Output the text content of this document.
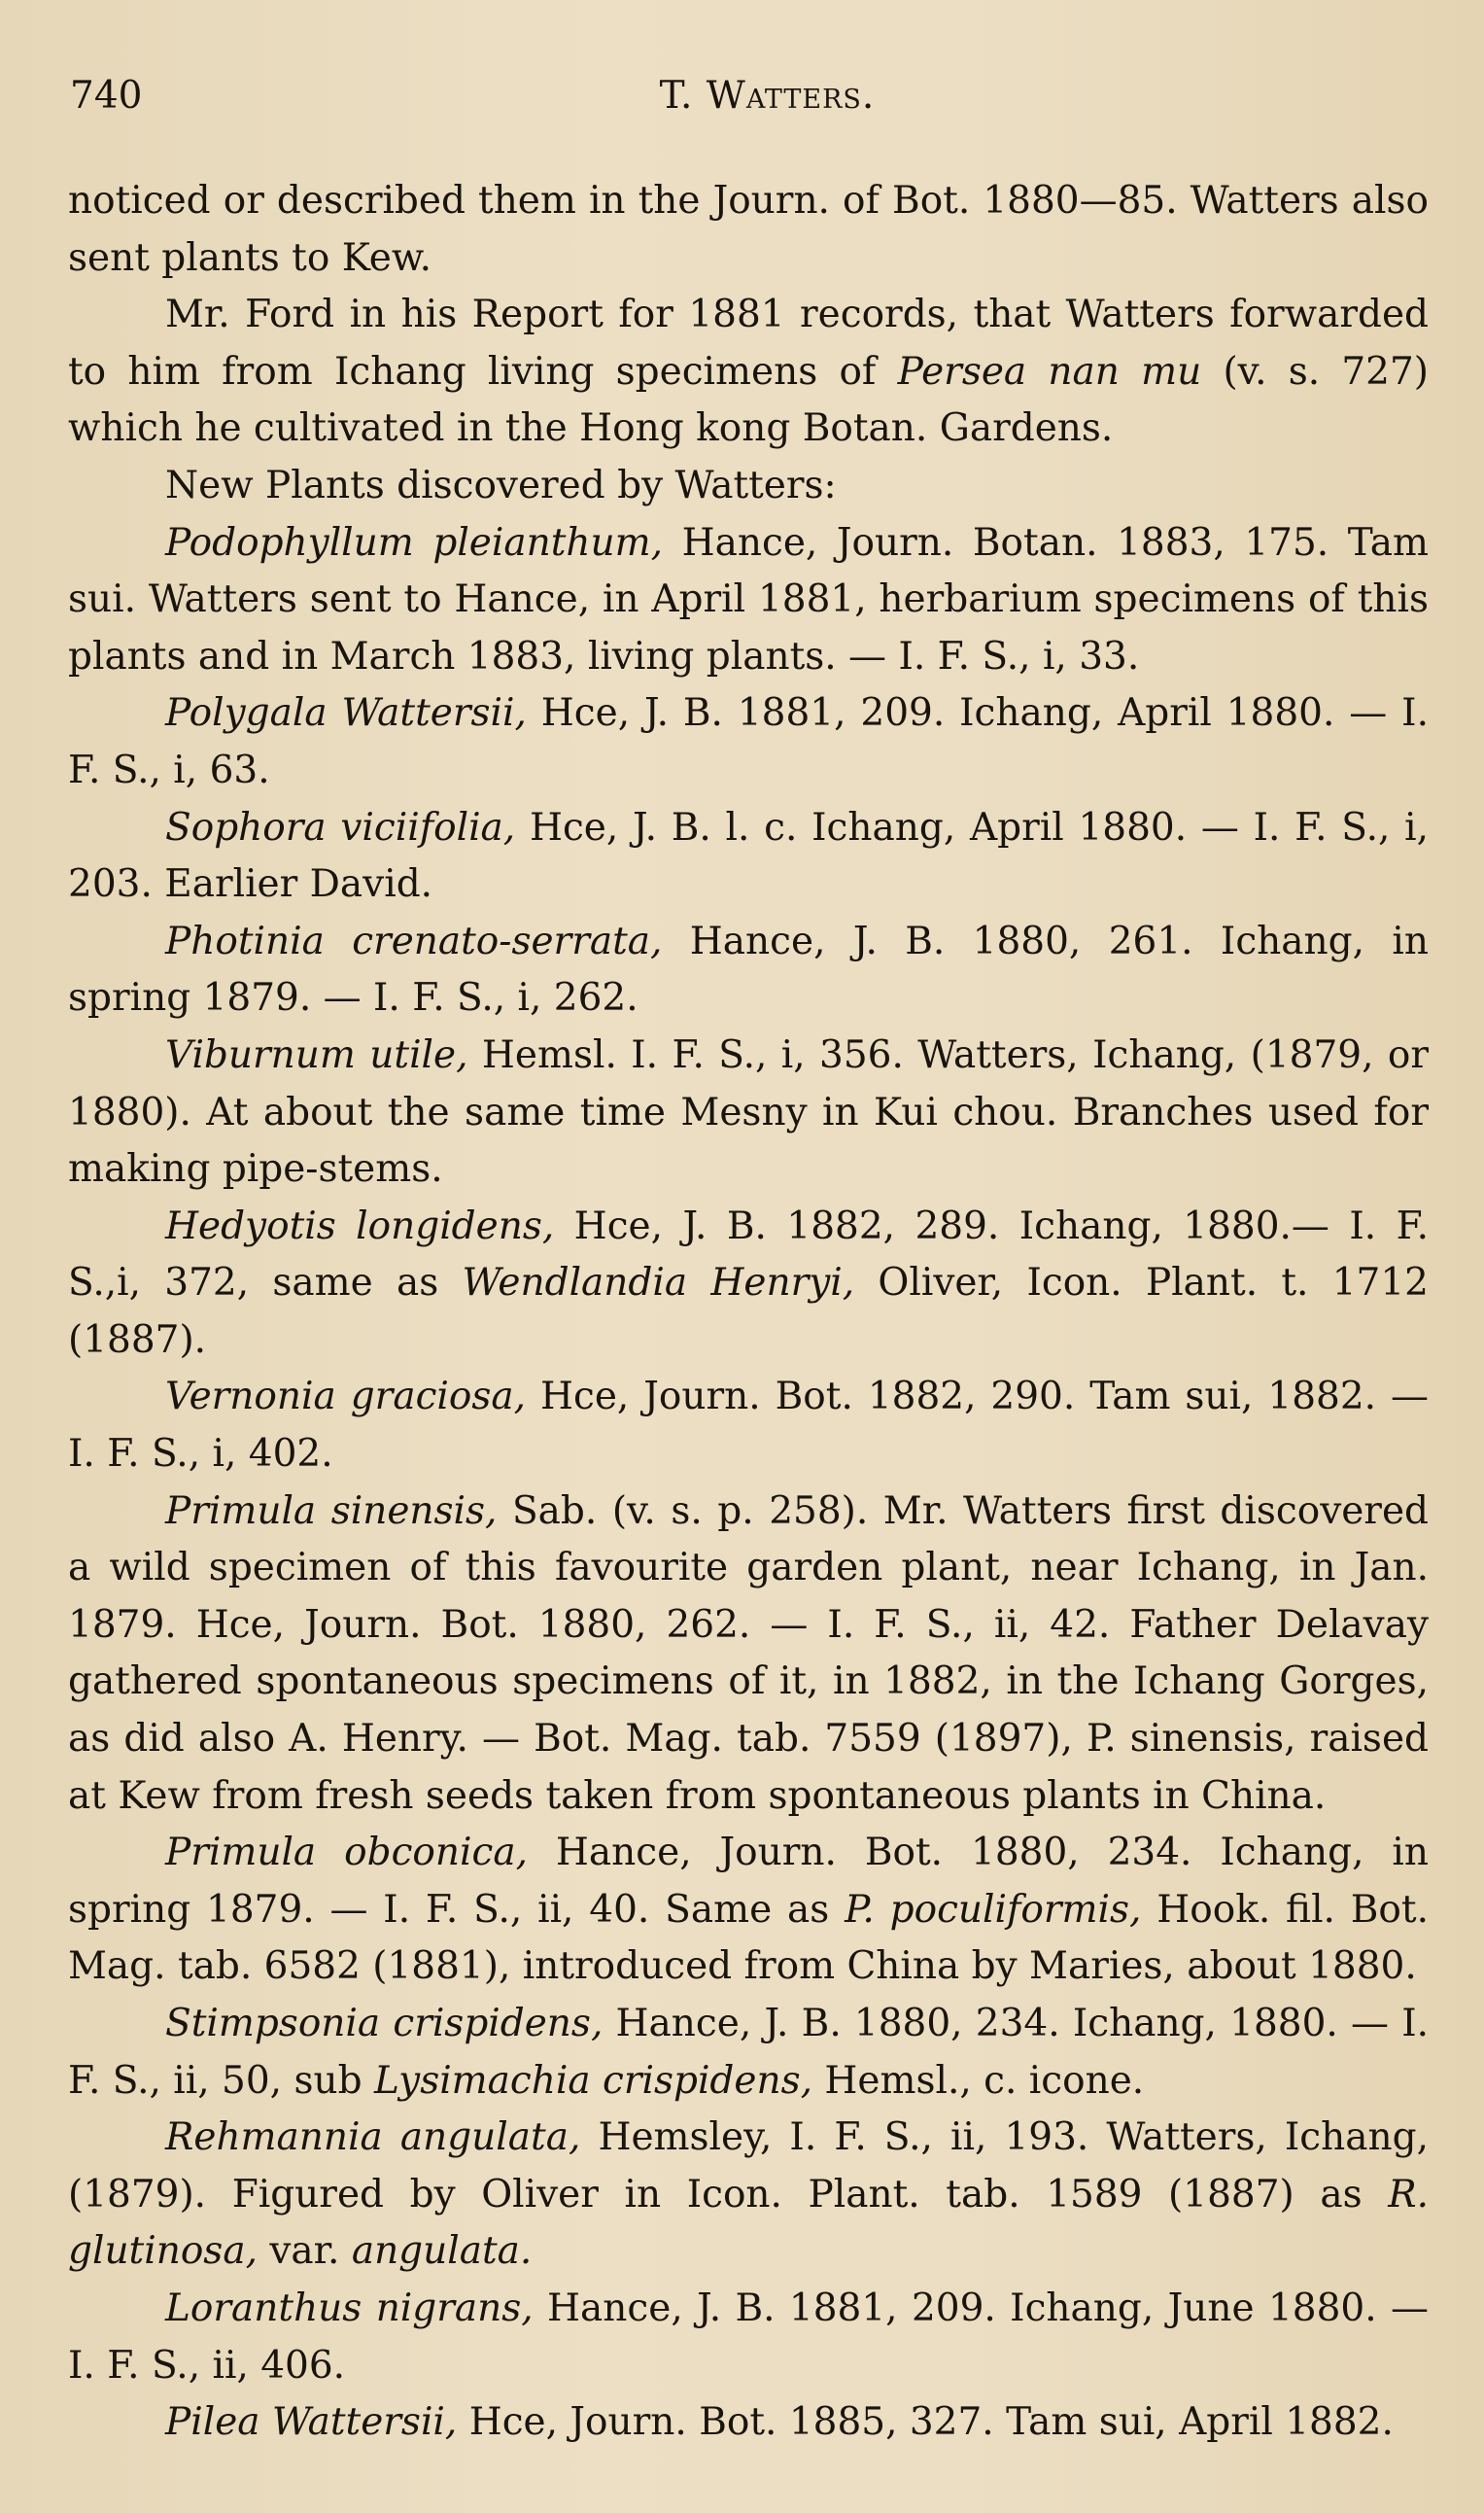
740	T. Watters.

noticed or described them in the Journ. of Bot. 1880—85. Watters also sent plants to Kew.

Mr. Ford in his Report for 1881 records, that Watters forwarded to him from Ichang living specimens of Persea nan mu (v. s. 727) which he cultivated in the Hong kong Botan. Gardens.

New Plants discovered by Watters:

Podophyllum pleianthum, Hance, Journ. Botan. 1883, 175. Tam sui. Watters sent to Hance, in April 1881, herbarium specimens of this plants and in March 1883, living plants. — I. F. S., i, 33.

Polygala Wattersii, Hce, J. B. 1881, 209. Ichang, April 1880. — I. F. S., i, 63.

Sophora viciifolia, Hce, J. B. l. c. Ichang, April 1880. — I. F. S., i, 203. Earlier David.

Photinia crenato-serrata, Hance, J. B. 1880, 261. Ichang, in spring 1879. — I. F. S., i, 262.

Viburnum utile, Hemsl. I. F. S., i, 356. Watters, Ichang, (1879, or 1880). At about the same time Mesny in Kui chou. Branches used for making pipe-stems.

Hedyotis longidens, Hce, J. B. 1882, 289. Ichang, 1880.— I. F. S.,i, 372, same as Wendlandia Henryi, Oliver, Icon. Plant. t. 1712 (1887).

Vernonia graciosa, Hce, Journ. Bot. 1882, 290. Tam sui, 1882. — I. F. S., i, 402.

Primula sinensis, Sab. (v. s. p. 258). Mr. Watters first discovered a wild specimen of this favourite garden plant, near Ichang, in Jan. 1879. Hce, Journ. Bot. 1880, 262. — I. F. S., ii, 42. Father Delavay gathered spontaneous specimens of it, in 1882, in the Ichang Gorges, as did also A. Henry. — Bot. Mag. tab. 7559 (1897), P. sinensis, raised at Kew from fresh seeds taken from spontaneous plants in China.

Primula obconica, Hance, Journ. Bot. 1880, 234. Ichang, in spring 1879. — I. F. S., ii, 40. Same as P. poculiformis, Hook. fil. Bot. Mag. tab. 6582 (1881), introduced from China by Maries, about 1880.

Stimpsonia crispidens, Hance, J. B. 1880, 234. Ichang, 1880. — I. F. S., ii, 50, sub Lysimachia crispidens, Hemsl., c. icone.

Rehmannia angulata, Hemsley, I. F. S., ii, 193. Watters, Ichang, (1879). Figured by Oliver in Icon. Plant. tab. 1589 (1887) as R. glutinosa, var. angulata.

Loranthus nigrans, Hance, J. B. 1881, 209. Ichang, June 1880. — I. F. S., ii, 406.

Pilea Wattersii, Hce, Journ. Bot. 1885, 327. Tam sui, April 1882.
